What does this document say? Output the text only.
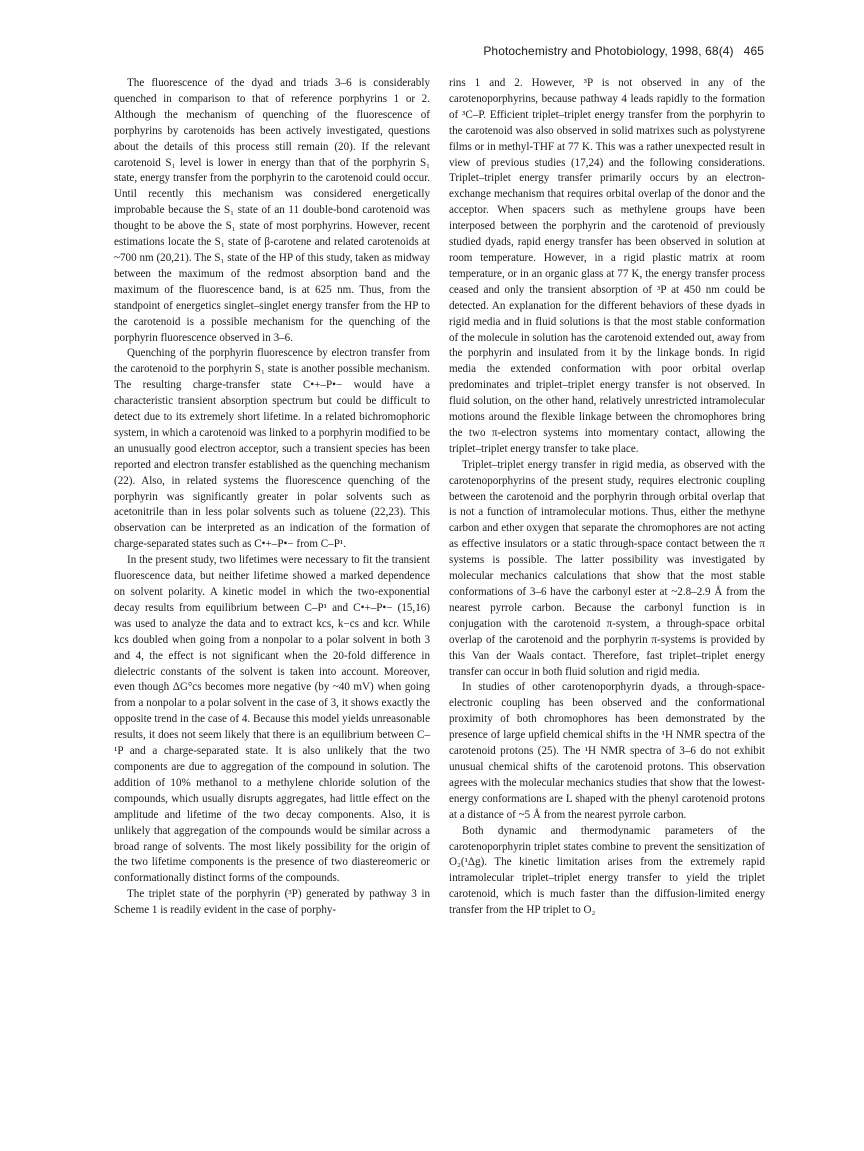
Photochemistry and Photobiology, 1998, 68(4) 465

The fluorescence of the dyad and triads 3–6 is considerably quenched in comparison to that of reference porphyrins 1 or 2. Although the mechanism of quenching of the fluorescence of porphyrins by carotenoids has been actively investigated, questions about the details of this process still remain (20). If the relevant carotenoid S₁ level is lower in energy than that of the porphyrin S₁ state, energy transfer from the porphyrin to the carotenoid could occur. Until recently this mechanism was considered energetically improbable because the S₁ state of an 11 double-bond carotenoid was thought to be above the S₁ state of most porphyrins. However, recent estimations locate the S₁ state of β-carotene and related carotenoids at ~700 nm (20,21). The S₁ state of the HP of this study, taken as midway between the maximum of the redmost absorption band and the maximum of the fluorescence band, is at 625 nm. Thus, from the standpoint of energetics singlet–singlet energy transfer from the HP to the carotenoid is a possible mechanism for the quenching of the porphyrin fluorescence observed in 3–6.

Quenching of the porphyrin fluorescence by electron transfer from the carotenoid to the porphyrin S₁ state is another possible mechanism. The resulting charge-transfer state C•+–P•− would have a characteristic transient absorption spectrum but could be difficult to detect due to its extremely short lifetime. In a related bichromophoric system, in which a carotenoid was linked to a porphyrin modified to be an unusually good electron acceptor, such a transient species has been reported and electron transfer established as the quenching mechanism (22). Also, in related systems the fluorescence quenching of the porphyrin was significantly greater in polar solvents such as acetonitrile than in less polar solvents such as toluene (22,23). This observation can be interpreted as an indication of the formation of charge-separated states such as C•+–P•− from C–P¹.

In the present study, two lifetimes were necessary to fit the transient fluorescence data, but neither lifetime showed a marked dependence on solvent polarity. A kinetic model in which the two-exponential decay results from equilibrium between C–P¹ and C•+–P•− (15,16) was used to analyze the data and to extract kcs, k−cs and kcr. While kcs doubled when going from a nonpolar to a polar solvent in both 3 and 4, the effect is not significant when the 20-fold difference in dielectric constants of the solvent is taken into account. Moreover, even though ΔG°cs becomes more negative (by ~40 mV) when going from a nonpolar to a polar solvent in the case of 3, it shows exactly the opposite trend in the case of 4. Because this model yields unreasonable results, it does not seem likely that there is an equilibrium between C–¹P and a charge-separated state. It is also unlikely that the two components are due to aggregation of the compound in solution. The addition of 10% methanol to a methylene chloride solution of the compounds, which usually disrupts aggregates, had little effect on the amplitude and lifetime of the two decay components. Also, it is unlikely that aggregation of the compounds would be similar across a broad range of solvents. The most likely possibility for the origin of the two lifetime components is the presence of two diastereomeric or conformationally distinct forms of the compounds.

The triplet state of the porphyrin (³P) generated by pathway 3 in Scheme 1 is readily evident in the case of porphy-

rins 1 and 2. However, ³P is not observed in any of the carotenoporphyrins, because pathway 4 leads rapidly to the formation of ³C–P. Efficient triplet–triplet energy transfer from the porphyrin to the carotenoid was also observed in solid matrixes such as polystyrene films or in methyl-THF at 77 K. This was a rather unexpected result in view of previous studies (17,24) and the following considerations. Triplet–triplet energy transfer primarily occurs by an electron-exchange mechanism that requires orbital overlap of the donor and the acceptor. When spacers such as methylene groups have been interposed between the porphyrin and the carotenoid of previously studied dyads, rapid energy transfer has been observed in solution at room temperature. However, in a rigid plastic matrix at room temperature, or in an organic glass at 77 K, the energy transfer process ceased and only the transient absorption of ³P at 450 nm could be detected. An explanation for the different behaviors of these dyads in rigid media and in fluid solutions is that the most stable conformation of the molecule in solution has the carotenoid extended out, away from the porphyrin and insulated from it by the linkage bonds. In rigid media the extended conformation with poor orbital overlap predominates and triplet–triplet energy transfer is not observed. In fluid solution, on the other hand, relatively unrestricted intramolecular motions around the flexible linkage between the chromophores bring the two π-electron systems into momentary contact, allowing the triplet–triplet energy transfer to take place.

Triplet–triplet energy transfer in rigid media, as observed with the carotenoporphyrins of the present study, requires electronic coupling between the carotenoid and the porphyrin through orbital overlap that is not a function of intramolecular motions. Thus, either the methyne carbon and ether oxygen that separate the chromophores are not acting as effective insulators or a static through-space contact between the π systems is possible. The latter possibility was investigated by molecular mechanics calculations that show that the most stable conformations of 3–6 have the carbonyl ester at ~2.8–2.9 Å from the nearest pyrrole carbon. Because the carbonyl function is in conjugation with the carotenoid π-system, a through-space orbital overlap of the carotenoid and the porphyrin π-systems is provided by this Van der Waals contact. Therefore, fast triplet–triplet energy transfer can occur in both fluid solution and rigid media.

In studies of other carotenoporphyrin dyads, a through-space-electronic coupling has been observed and the conformational proximity of both chromophores has been demonstrated by the presence of large upfield chemical shifts in the ¹H NMR spectra of the carotenoid protons (25). The ¹H NMR spectra of 3–6 do not exhibit unusual chemical shifts of the carotenoid protons. This observation agrees with the molecular mechanics studies that show that the lowest-energy conformations are L shaped with the phenyl carotenoid protons at a distance of ~5 Å from the nearest pyrrole carbon.

Both dynamic and thermodynamic parameters of the carotenoporphyrin triplet states combine to prevent the sensitization of O₂(¹Δg). The kinetic limitation arises from the extremely rapid intramolecular triplet–triplet energy transfer to yield the triplet carotenoid, which is much faster than the diffusion-limited energy transfer from the HP triplet to O₂
